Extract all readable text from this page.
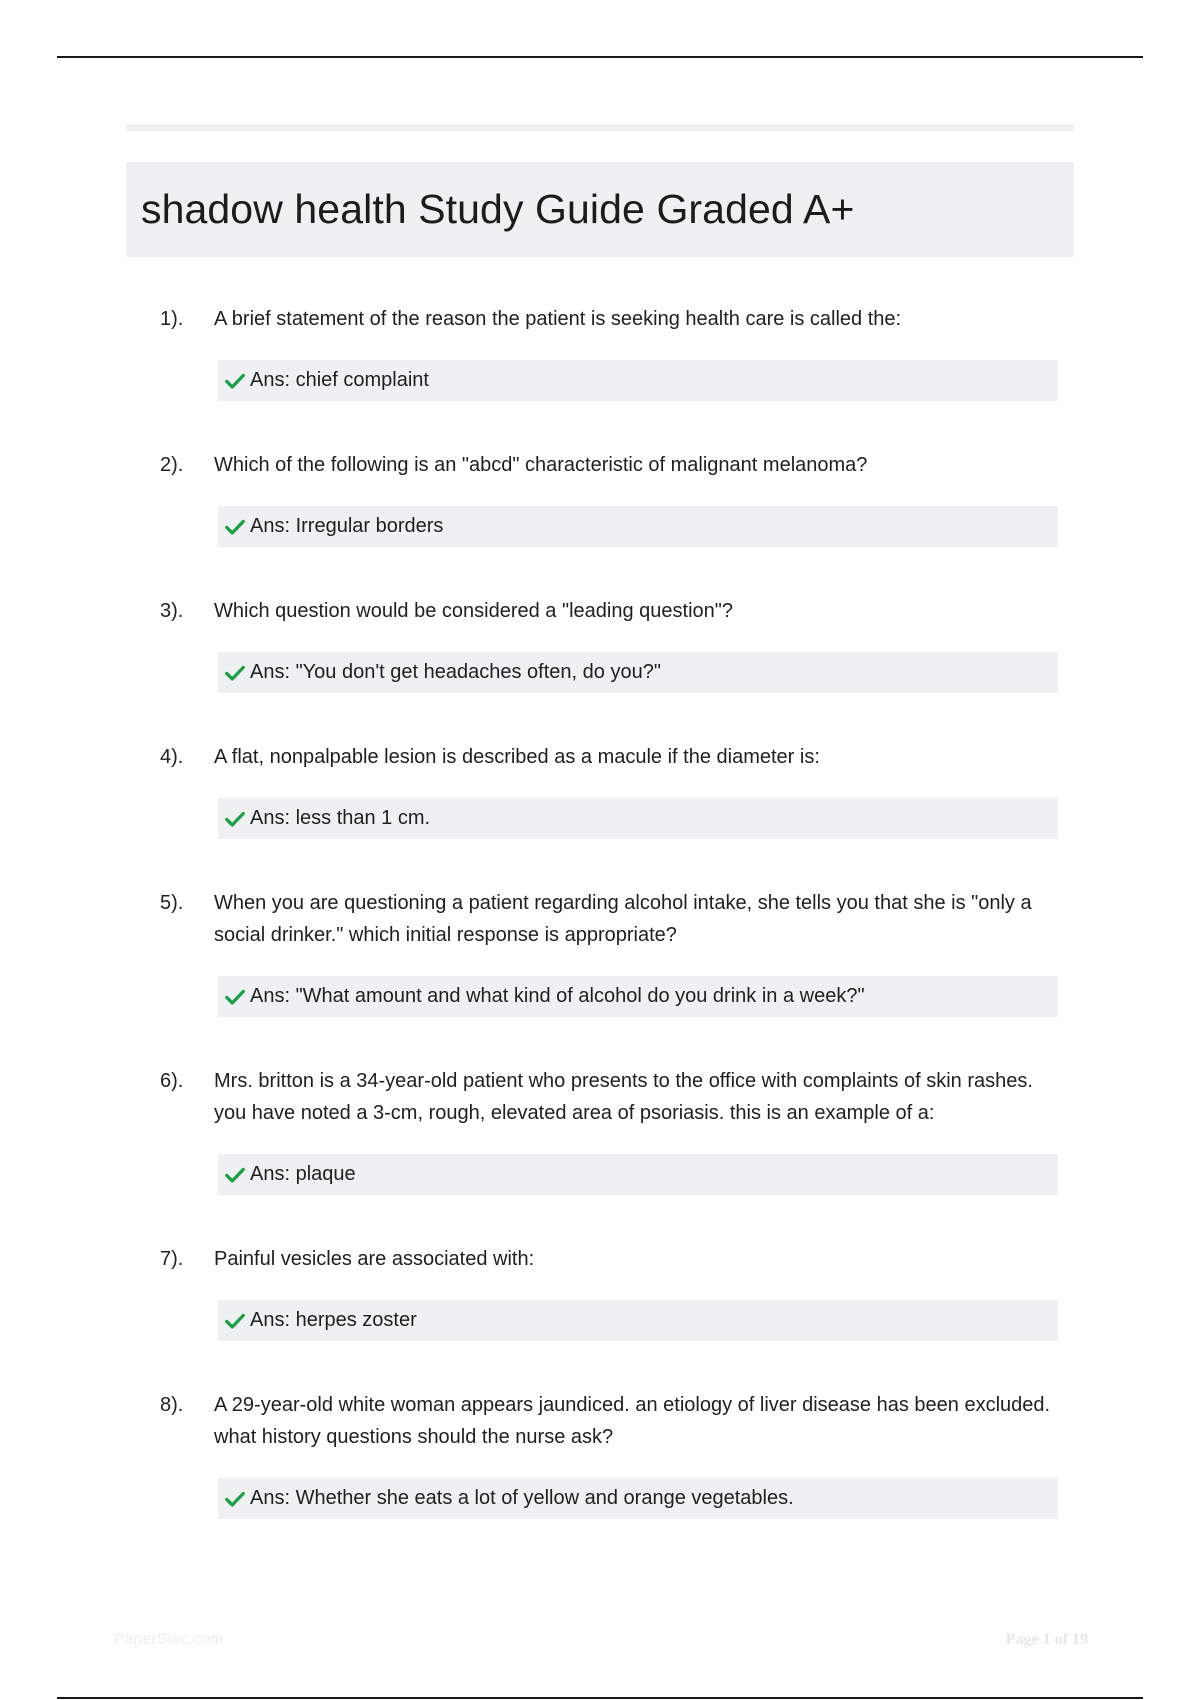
shadow health Study Guide Graded A+
1). A brief statement of the reason the patient is seeking health care is called the:
Ans: chief complaint
2). Which of the following is an "abcd" characteristic of malignant melanoma?
Ans: Irregular borders
3). Which question would be considered a "leading question"?
Ans: "You don't get headaches often, do you?"
4). A flat, nonpalpable lesion is described as a macule if the diameter is:
Ans: less than 1 cm.
5). When you are questioning a patient regarding alcohol intake, she tells you that she is "only a social drinker." which initial response is appropriate?
Ans: "What amount and what kind of alcohol do you drink in a week?"
6). Mrs. britton is a 34-year-old patient who presents to the office with complaints of skin rashes. you have noted a 3-cm, rough, elevated area of psoriasis. this is an example of a:
Ans: plaque
7). Painful vesicles are associated with:
Ans: herpes zoster
8). A 29-year-old white woman appears jaundiced. an etiology of liver disease has been excluded. what history questions should the nurse ask?
Ans: Whether she eats a lot of yellow and orange vegetables.
PaperStoc.com	Page 1 of 19
